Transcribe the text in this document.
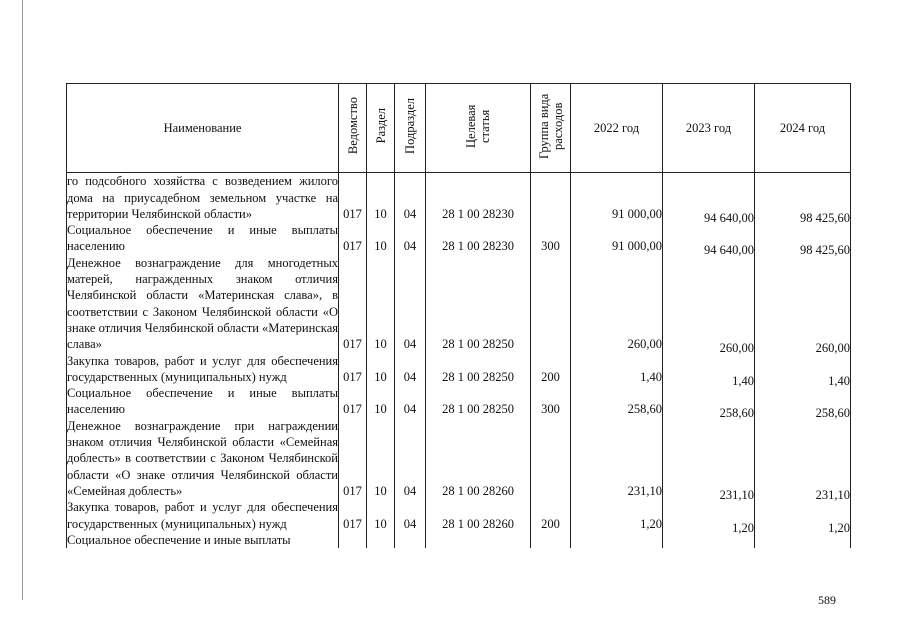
Наименование	Ведомство	Раздел	Подраздел	Целевая статья	Группа вида расходов	2022 год	2023 год	2024 год
го подсобного хозяйства с возведением жилого дома на приусадебном земельном участке на территории Челябинской области»	017	10	04	28 1 00 28230		91 000,00	94 640,00	98 425,60
Социальное обеспечение и иные выплаты населению	017	10	04	28 1 00 28230	300	91 000,00	94 640,00	98 425,60
Денежное вознаграждение для многодетных матерей, награжденных знаком отличия Челябинской области «Материнская слава», в соответствии с Законом Челябинской области «О знаке отличия Челябинской области «Материнская слава»	017	10	04	28 1 00 28250		260,00	260,00	260,00
Закупка товаров, работ и услуг для обеспечения государственных (муниципальных) нужд	017	10	04	28 1 00 28250	200	1,40	1,40	1,40
Социальное обеспечение и иные выплаты населению	017	10	04	28 1 00 28250	300	258,60	258,60	258,60
Денежное вознаграждение при награждении знаком отличия Челябинской области «Семейная доблесть» в соответствии с Законом Челябинской области «О знаке отличия Челябинской области «Семейная доблесть»	017	10	04	28 1 00 28260		231,10	231,10	231,10
Закупка товаров, работ и услуг для обеспечения государственных (муниципальных) нужд	017	10	04	28 1 00 28260	200	1,20	1,20	1,20
Социальное обеспечение и иные выплаты								
589
